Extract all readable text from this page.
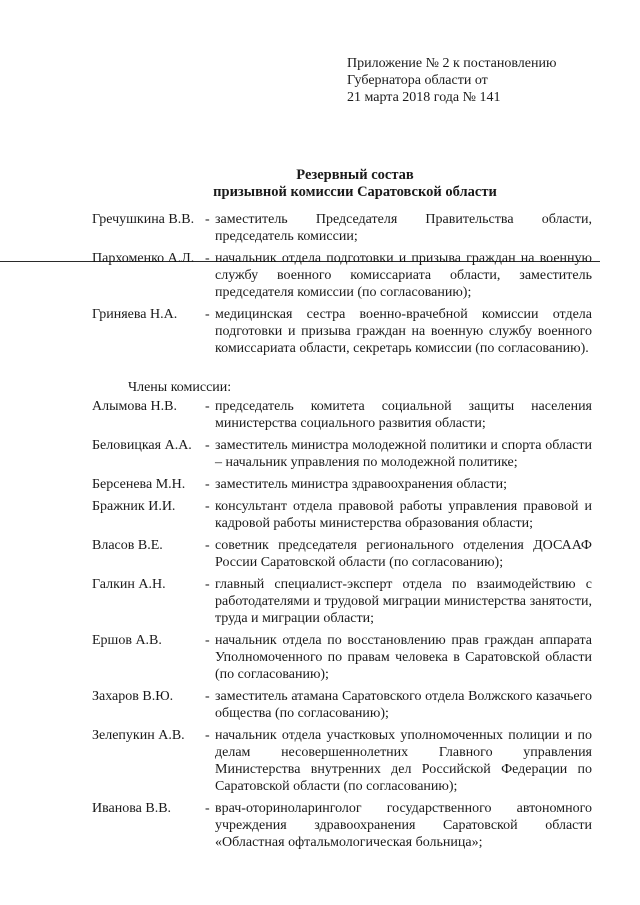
Приложение № 2 к постановлению
Губернатора области от
21 марта 2018 года № 141
Резервный состав
призывной комиссии Саратовской области
Гречушкина В.В. - заместитель Председателя Правительства области, председатель комиссии;
Пархоменко А.Л. - начальник отдела подготовки и призыва граждан на военную службу военного комиссариата области, заместитель председателя комиссии (по согласованию);
Гриняева Н.А.	- медицинская сестра военно-врачебной комиссии отдела подготовки и призыва граждан на военную службу военного комиссариата области, секретарь комиссии (по согласованию).
Члены комиссии:
Алымова Н.В.	- председатель комитета социальной защиты населения министерства социального развития области;
Беловицкая А.А. - заместитель министра молодежной политики и спорта области – начальник управления по молодежной политике;
Берсенева М.Н.	- заместитель министра здравоохранения области;
Бражник И.И.	- консультант отдела правовой работы управления правовой и кадровой работы министерства образования области;
Власов В.Е.	- советник председателя регионального отделения ДОСААФ России Саратовской области (по согласованию);
Галкин А.Н.	- главный специалист-эксперт отдела по взаимодействию с работодателями и трудовой миграции министерства занятости, труда и миграции области;
Ершов А.В.	- начальник отдела по восстановлению прав граждан аппарата Уполномоченного по правам человека в Саратовской области (по согласованию);
Захаров В.Ю.	- заместитель атамана Саратовского отдела Волжского казачьего общества (по согласованию);
Зелепукин А.В.	- начальник отдела участковых уполномоченных полиции и по делам несовершеннолетних Главного управления Министерства внутренних дел Российской Федерации по Саратовской области (по согласованию);
Иванова В.В.	- врач-оториноларинголог государственного автономного учреждения здравоохранения Саратовской области «Областная офтальмологическая больница»;
